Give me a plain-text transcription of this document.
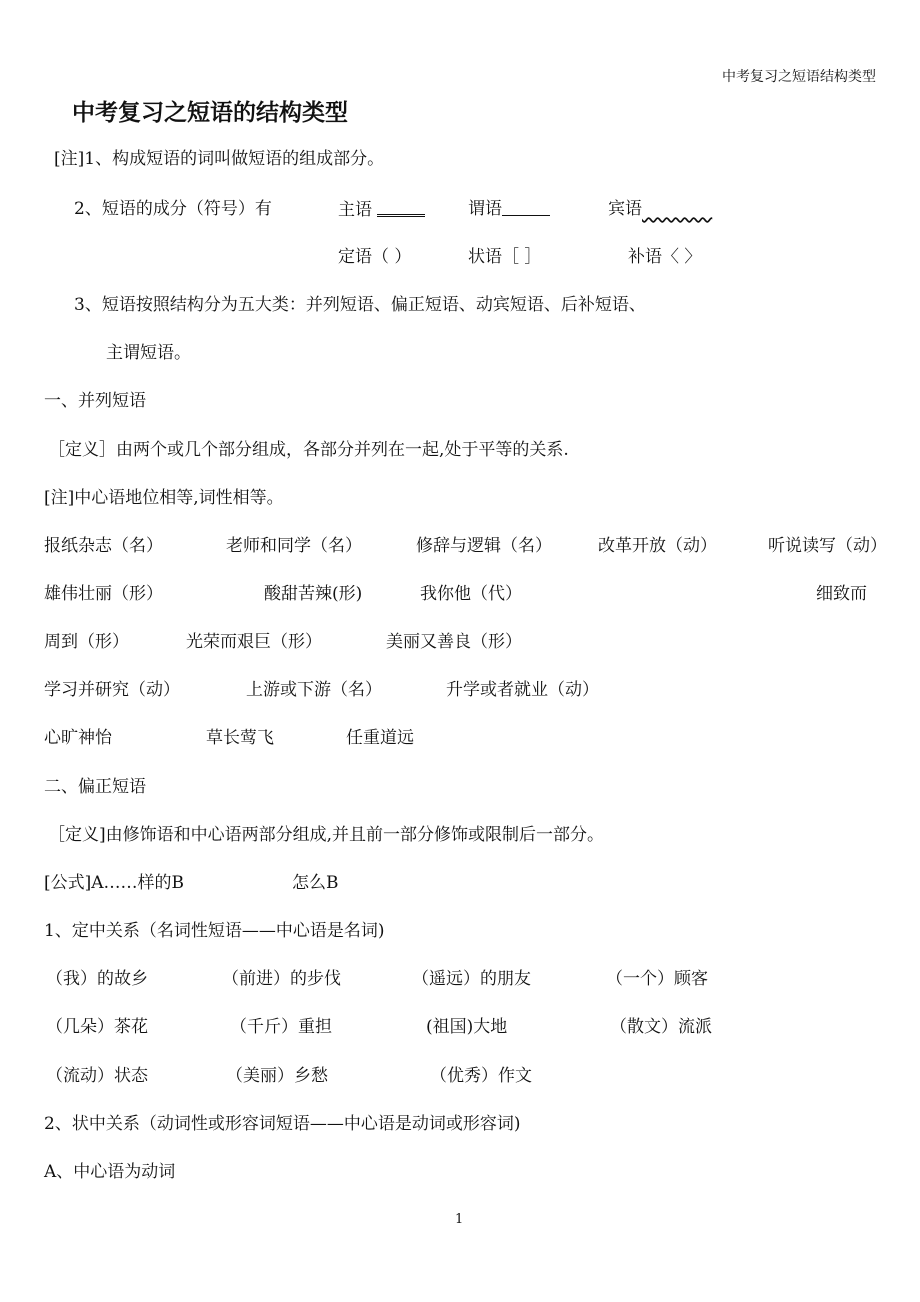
中考复习之短语结构类型
中考复习之短语的结构类型
[注]1、构成短语的词叫做短语的组成部分。
2、短语的成分（符号）有	主语	谓语	宾语
定语（ ）	状语［ ］	补语〈 〉
3、短语按照结构分为五大类：并列短语、偏正短语、动宾短语、后补短语、
主谓短语。
一、并列短语
［定义］由两个或几个部分组成，各部分并列在一起,处于平等的关系.
[注]中心语地位相等,词性相等。
报纸杂志（名）	老师和同学（名）	修辞与逻辑（名）	改革开放（动）	听说读写（动）
雄伟壮丽（形）	酸甜苦辣(形)	我你他（代）	细致而
周到（形）	光荣而艰巨（形）	美丽又善良（形）
学习并研究（动）	上游或下游（名）	升学或者就业（动）
心旷神怡	草长莺飞	任重道远
二、偏正短语
［定义]由修饰语和中心语两部分组成,并且前一部分修饰或限制后一部分。
[公式]A……样的B	怎么B
1、定中关系（名词性短语——中心语是名词)
（我）的故乡	（前进）的步伐	（遥远）的朋友	（一个）顾客
（几朵）茶花	（千斤）重担	(祖国)大地	（散文）流派
（流动）状态	（美丽）乡愁	（优秀）作文
2、状中关系（动词性或形容词短语——中心语是动词或形容词)
A、中心语为动词
1
